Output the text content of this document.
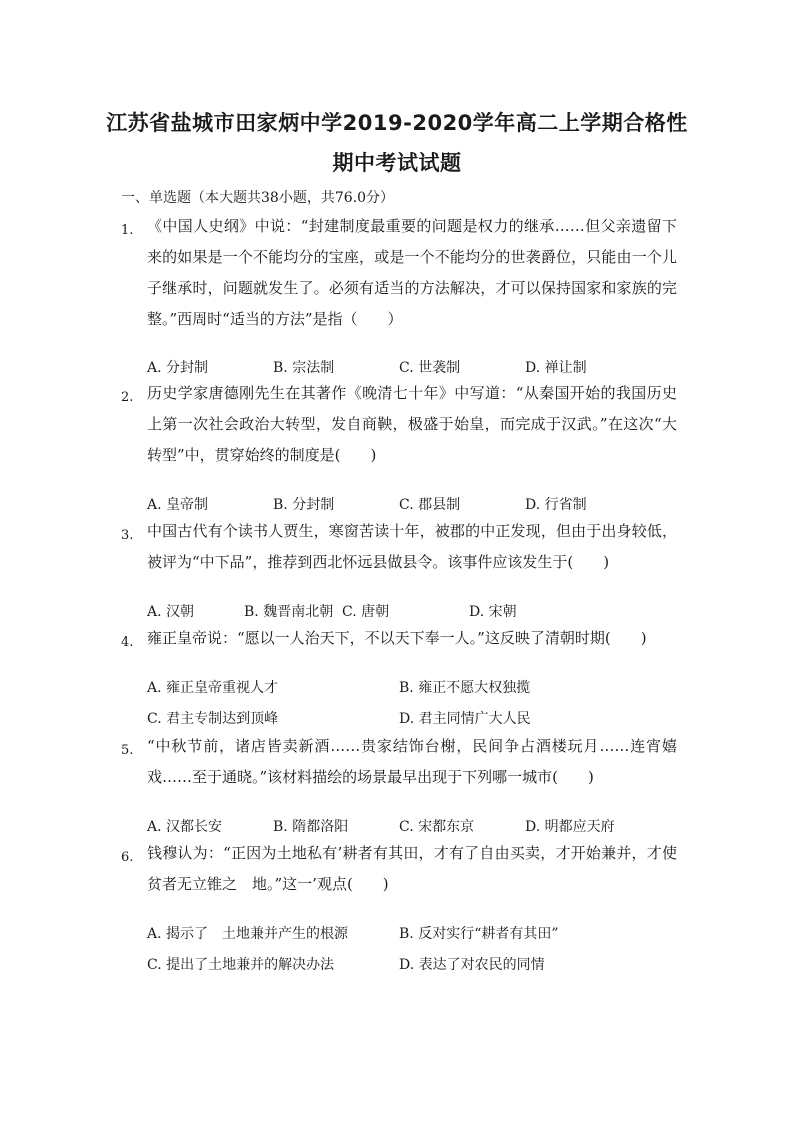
江苏省盐城市田家炳中学2019-2020学年高二上学期合格性
期中考试试题
一、单选题（本大题共38小题，共76.0分）
1. 《中国人史纲》中说：“封建制度最重要的问题是权力的继承……但父亲遗留下来的如果是一个不能均分的宝座，或是一个不能均分的世袭爵位，只能由一个儿子继承时，问题就发生了。必须有适当的方法解决，才可以保持国家和家族的完整。”西周时“适当的方法”是指（　　）
A. 分封制	B. 宗法制	C. 世袭制	D. 禅让制
2. 历史学家唐德刚先生在其著作《晚清七十年》中写道：“从秦国开始的我国历史上第一次社会政治大转型，发自商鞅，极盛于始皇，而完成于汉武。”在这次“大转型”中，贯穿始终的制度是(　　)
A. 皇帝制	B. 分封制	C. 郡县制	D. 行省制
3. 中国古代有个读书人贾生，寒窗苦读十年，被郡的中正发现，但由于出身较低，被评为“中下品”，推荐到西北怀远县做县令。该事件应该发生于(　　)
A. 汉朝	B. 魏晋南北朝 C. 唐朝	D. 宋朝
4. 雍正皇帝说：“愿以一人治天下，不以天下奉一人。”这反映了清朝时期(　　)
A. 雍正皇帝重视人才	B. 雍正不愿大权独揽
C. 君主专制达到顶峰	D. 君主同情广大人民
5. “中秋节前，诸店皆卖新酒……贵家结饰台榭，民间争占酒楼玩月……连宵嬉戏……至于通晓。”该材料描绘的场景最早出现于下列哪一城市(　　)
A. 汉都长安	B. 隋都洛阳	C. 宋都东京	D. 明都应天府
6. 钱穆认为：“正因为土地私有’耕者有其田，才有了自由买卖，才开始兼并，才使贫者无立锥之　地。”这一’观点(　　)
A. 揭示了　土地兼并产生的根源	B. 反对实行“耕者有其田”
C. 提出了土地兼并的解决办法	D. 表达了对农民的同情
